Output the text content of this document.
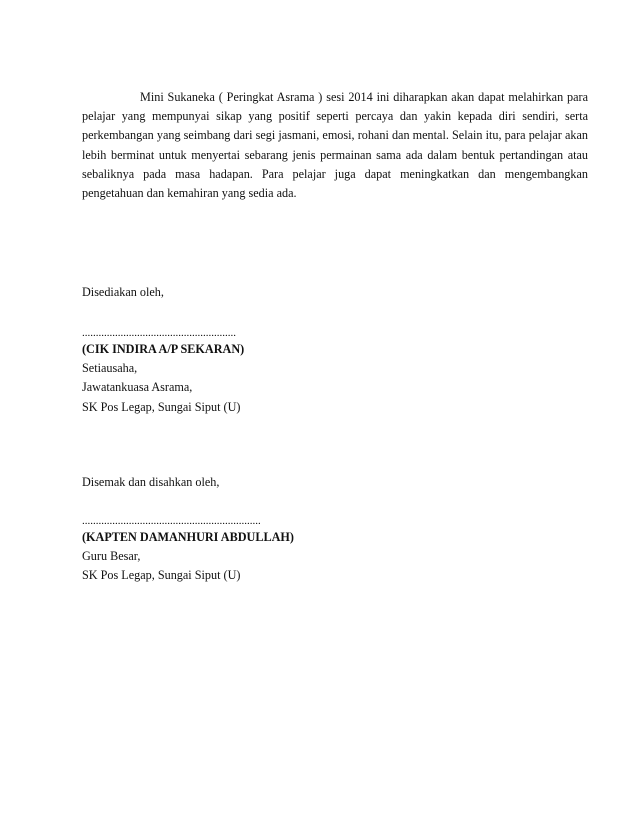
Mini Sukaneka ( Peringkat Asrama ) sesi 2014 ini diharapkan akan dapat melahirkan para pelajar yang mempunyai sikap yang positif seperti percaya dan yakin kepada diri sendiri, serta perkembangan yang seimbang dari segi jasmani, emosi, rohani dan mental. Selain itu, para pelajar akan lebih berminat untuk menyertai sebarang jenis permainan sama ada dalam bentuk pertandingan atau sebaliknya pada masa hadapan. Para pelajar juga dapat meningkatkan dan mengembangkan pengetahuan dan kemahiran yang sedia ada.

Disediakan oleh,
........................................................
(CIK INDIRA A/P SEKARAN)
Setiausaha,
Jawatankuasa Asrama,
SK Pos Legap, Sungai Siput (U)
Disemak dan disahkan oleh,
.................................................................
(KAPTEN DAMANHURI ABDULLAH)
Guru Besar,
SK Pos Legap, Sungai Siput (U)
